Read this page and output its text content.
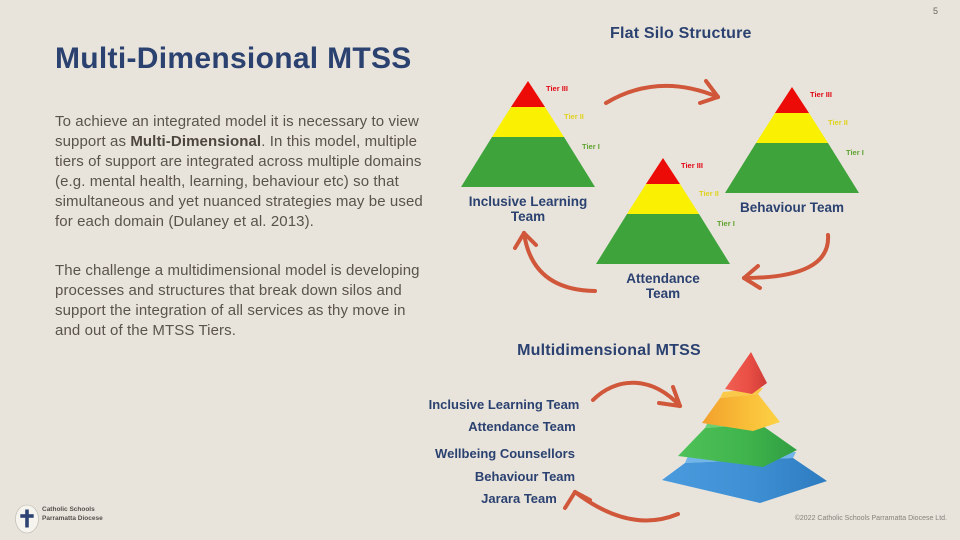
5
Multi-Dimensional MTSS

To achieve an integrated model it is necessary to view support as Multi-Dimensional. In this model, multiple tiers of support are integrated across multiple domains (e.g. mental health, learning, behaviour etc) so that simultaneous and yet nuanced strategies may be used for each domain (Dulaney et al. 2013).

The challenge a multidimensional model is developing processes and structures that break down silos and support the integration of all services as thy move in and out of the MTSS Tiers.

Flat Silo Structure
Tier III
Tier II
Tier I
Inclusive Learning Team
Tier III
Tier II
Tier I
Attendance Team
Tier III
Tier II
Tier I
Behaviour Team
Multidimensional MTSS
Inclusive Learning Team
Attendance Team
Wellbeing Counsellors
Behaviour Team
Jarara Team
Catholic Schools
Parramatta Diocese	©2022 Catholic Schools Parramatta Diocese Ltd.
